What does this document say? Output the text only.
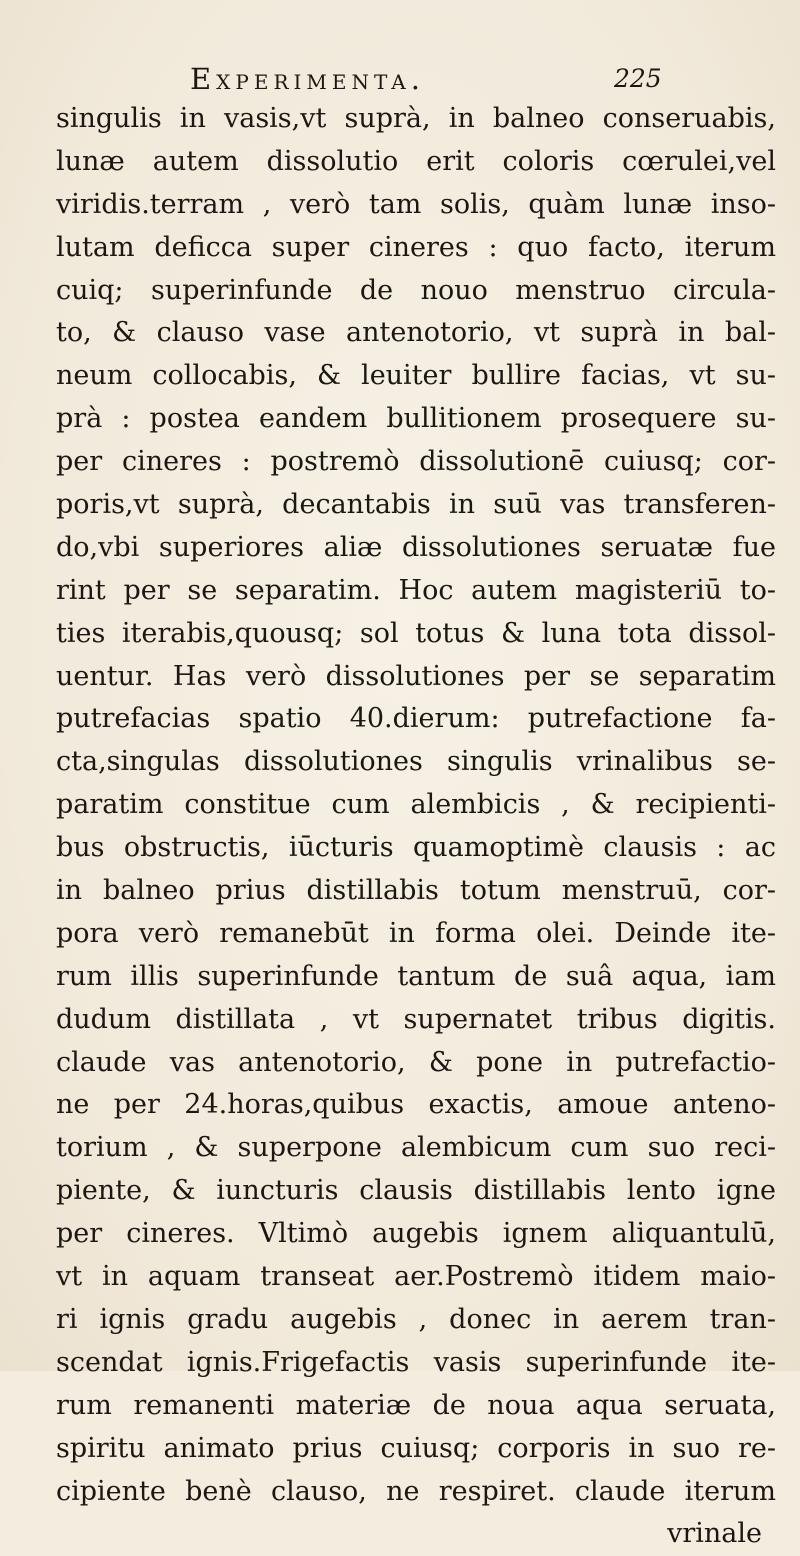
Experimenta.	225
singulis in vasis,vt suprà, in balneo conseruabis,
lunæ autem dissolutio erit coloris cœrulei,vel
viridis.terram , verò tam solis, quàm lunæ inso-
lutam deficca super cineres : quo facto, iterum
cuiq; superinfunde de nouo menstruo circula-
to, & clauso vase antenotorio, vt suprà in bal-
neum collocabis, & leuiter bullire facias, vt su-
prà : postea eandem bullitionem prosequere su-
per cineres : postremò dissolutionē cuiusq; cor-
poris,vt suprà, decantabis in suū vas transferen-
do,vbi superiores aliæ dissolutiones seruatæ fue
rint per se separatim. Hoc autem magisteriū to-
ties iterabis,quousq; sol totus & luna tota dissol-
uentur. Has verò dissolutiones per se separatim
putrefacias spatio 40.dierum: putrefactione fa-
cta,singulas dissolutiones singulis vrinalibus se-
paratim constitue cum alembicis , & recipienti-
bus obstructis, iūcturis quamoptimè clausis : ac
in balneo prius distillabis totum menstruū, cor-
pora verò remanebūt in forma olei. Deinde ite-
rum illis superinfunde tantum de suâ aqua, iam
dudum distillata , vt supernatet tribus digitis.
claude vas antenotorio, & pone in putrefactio-
ne per 24.horas,quibus exactis, amoue anteno-
torium , & superpone alembicum cum suo reci-
piente, & iuncturis clausis distillabis lento igne
per cineres. Vltimò augebis ignem aliquantulū,
vt in aquam transeat aer.Postremò itidem maio-
ri ignis gradu augebis , donec in aerem tran-
scendat ignis.Frigefactis vasis superinfunde ite-
rum remanenti materiæ de noua aqua seruata,
spiritu animato prius cuiusq; corporis in suo re-
cipiente benè clauso, ne respiret. claude iterum
vrinale
